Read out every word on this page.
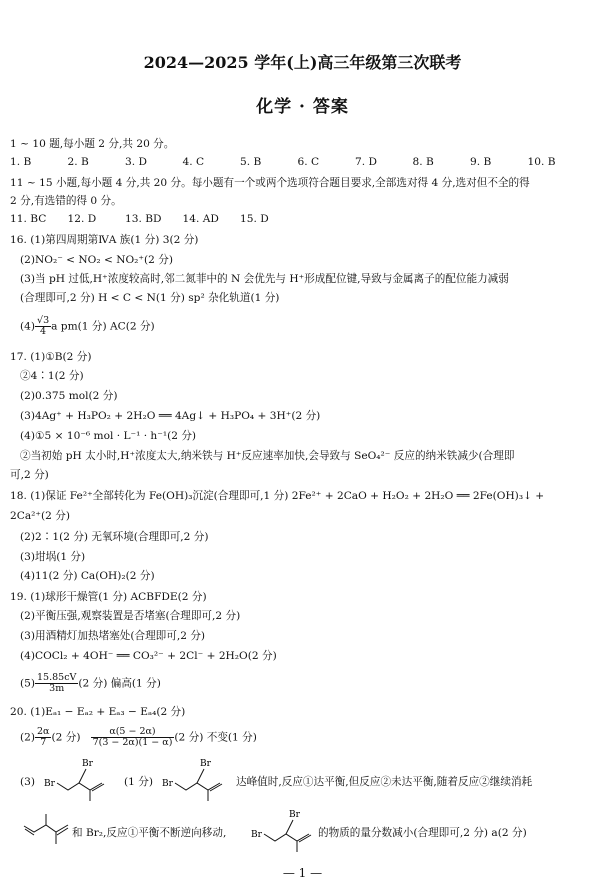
2024—2025 学年(上)高三年级第三次联考
化学 · 答案
1 ~ 10 题,每小题 2 分,共 20 分。
1. B	2. B	3. D	4. C	5. B	6. C	7. D	8. B	9. B	10. B
11 ~ 15 小题,每小题 4 分,共 20 分。每小题有一个或两个选项符合题目要求,全部选对得 4 分,选对但不全的得
2 分,有选错的得 0 分。
11. BC	12. D	13. BD	14. AD	15. D
16. (1)第四周期第ⅣA 族(1 分) 3(2 分)
(2)NO₂⁻ < NO₂ < NO₂⁺(2 分)
(3)当 pH 过低,H⁺浓度较高时,邻二氮菲中的 N 会优先与 H⁺形成配位键,导致与金属离子的配位能力减弱
(合理即可,2 分) H < C < N(1 分) sp² 杂化轨道(1 分)
$(4) \frac{√3}{4}$ a pm(1 分) AC(2 分)
17. (1)①B(2 分)
②4∶1(2 分)
(2)0.375 mol(2 分)
(3)4Ag⁺ + H₃PO₂ + 2H₂O ══ 4Ag↓ + H₃PO₄ + 3H⁺(2 分)
(4)①5 × 10⁻⁶ mol · L⁻¹ · h⁻¹(2 分)
②当初始 pH 太小时,H⁺浓度太大,纳米铁与 H⁺反应速率加快,会导致与 SeO₄²⁻ 反应的纳米铁减少(合理即
可,2 分)
18. (1)保证 Fe²⁺全部转化为 Fe(OH)₃沉淀(合理即可,1 分) 2Fe²⁺ + 2CaO + H₂O₂ + 2H₂O ══ 2Fe(OH)₃↓ +
2Ca²⁺(2 分)
(2)2∶1(2 分) 无氧环境(合理即可,2 分)
(3)坩埚(1 分)
(4)11(2 分) Ca(OH)₂(2 分)
19. (1)球形干燥管(1 分) ACBFDE(2 分)
(2)平衡压强,观察装置是否堵塞(合理即可,2 分)
(3)用酒精灯加热堵塞处(合理即可,2 分)
(4)COCl₂ + 4OH⁻ ══ CO₃²⁻ + 2Cl⁻ + 2H₂O(2 分)
$(5) \frac{15.85cV}{3m} (2$ 分) 偏高(1 分)
20. (1)Eₐ₁ − Eₐ₂ + Eₐ₃ − Eₐ₄(2 分)
$(2) \frac{2\alpha}{7} (2$ 分) $\frac{\alpha(5 - 2\alpha)}{7(3 - 2\alpha)(1 - \alpha)} (2$ 分) 不变(1 分)
(3) Br
Br
(1 分) Br
Br
达峰值时,反应①达平衡,但反应②未达平衡,随着反应②继续消耗
和 Br₂,反应①平衡不断逆向移动,	Br
Br
的物质的量分数减小(合理即可,2 分) a(2 分)
— 1 —
